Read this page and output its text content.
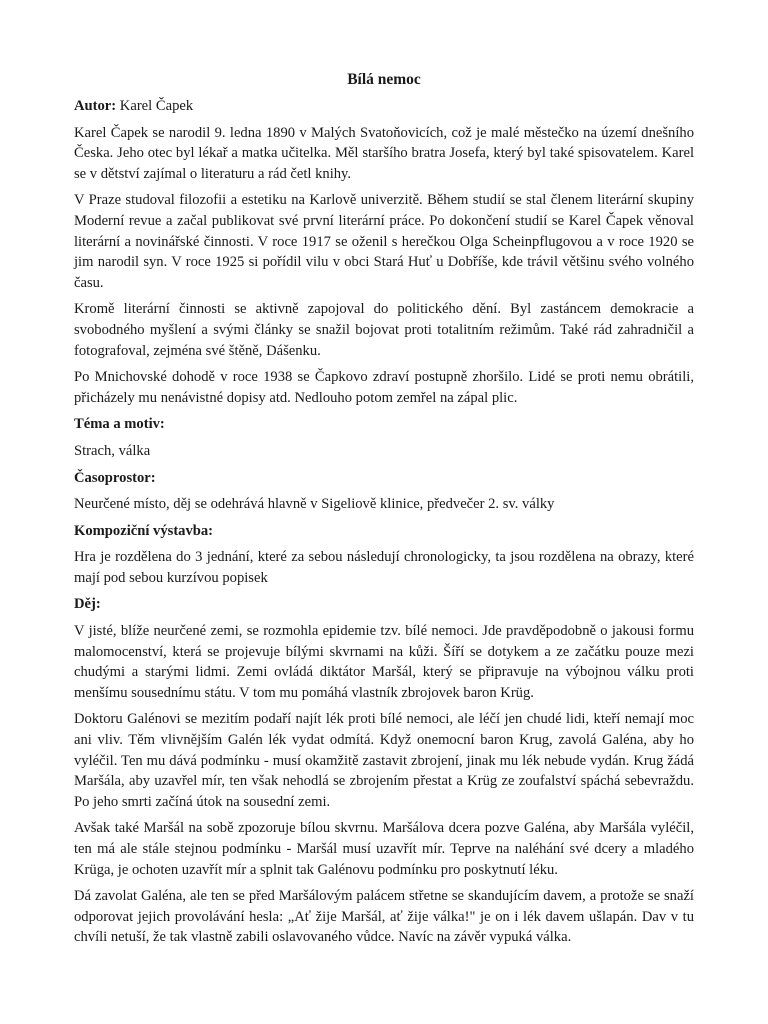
Bílá nemoc
Autor: Karel Čapek
Karel Čapek se narodil 9. ledna 1890 v Malých Svatoňovicích, což je malé městečko na území dnešního Česka. Jeho otec byl lékař a matka učitelka. Měl staršího bratra Josefa, který byl také spisovatelem. Karel se v dětství zajímal o literaturu a rád četl knihy.
V Praze studoval filozofii a estetiku na Karlově univerzitě. Během studií se stal členem literární skupiny Moderní revue a začal publikovat své první literární práce. Po dokončení studií se Karel Čapek věnoval literární a novinářské činnosti. V roce 1917 se oženil s herečkou Olga Scheinpflugovou a v roce 1920 se jim narodil syn. V roce 1925 si pořídil vilu v obci Stará Huť u Dobříše, kde trávil většinu svého volného času.
Kromě literární činnosti se aktivně zapojoval do politického dění. Byl zastáncem demokracie a svobodného myšlení a svými články se snažil bojovat proti totalitním režimům. Také rád zahradničil a fotografoval, zejména své štěně, Dášenku.
Po Mnichovské dohodě v roce 1938 se Čapkovo zdraví postupně zhoršilo. Lidé se proti nemu obrátili, přicházely mu nenávistné dopisy atd. Nedlouho potom zemřel na zápal plic.
Téma a motiv:
Strach, válka
Časoprostor:
Neurčené místo, děj se odehrává hlavně v Sigeliově klinice, předvečer 2. sv. války
Kompoziční výstavba:
Hra je rozdělena do 3 jednání, které za sebou následují chronologicky, ta jsou rozdělena na obrazy, které mají pod sebou kurzívou popisek
Děj:
V jisté, blíže neurčené zemi, se rozmohla epidemie tzv. bílé nemoci. Jde pravděpodobně o jakousi formu malomocenství, která se projevuje bílými skvrnami na kůži. Šíří se dotykem a ze začátku pouze mezi chudými a starými lidmi. Zemi ovládá diktátor Maršál, který se připravuje na výbojnou válku proti menšímu sousednímu státu. V tom mu pomáhá vlastník zbrojovek baron Krüg.
Doktoru Galénovi se mezitím podaří najít lék proti bílé nemoci, ale léčí jen chudé lidi, kteří nemají moc ani vliv. Těm vlivnějším Galén lék vydat odmítá. Když onemocní baron Krug, zavolá Galéna, aby ho vyléčil. Ten mu dává podmínku - musí okamžitě zastavit zbrojení, jinak mu lék nebude vydán. Krug žádá Maršála, aby uzavřel mír, ten však nehodlá se zbrojením přestat a Krüg ze zoufalství spáchá sebevraždu. Po jeho smrti začíná útok na sousední zemi.
Avšak také Maršál na sobě zpozoruje bílou skvrnu. Maršálova dcera pozve Galéna, aby Maršála vyléčil, ten má ale stále stejnou podmínku - Maršál musí uzavřít mír. Teprve na naléhání své dcery a mladého Krüga, je ochoten uzavřít mír a splnit tak Galénovu podmínku pro poskytnutí léku.
Dá zavolat Galéna, ale ten se před Maršálovým palácem střetne se skandujícím davem, a protože se snaží odporovat jejich provolávání hesla: „Ať žije Maršál, ať žije válka!" je on i lék davem ušlapán. Dav v tu chvíli netuší, že tak vlastně zabili oslavovaného vůdce. Navíc na závěr vypuká válka.
